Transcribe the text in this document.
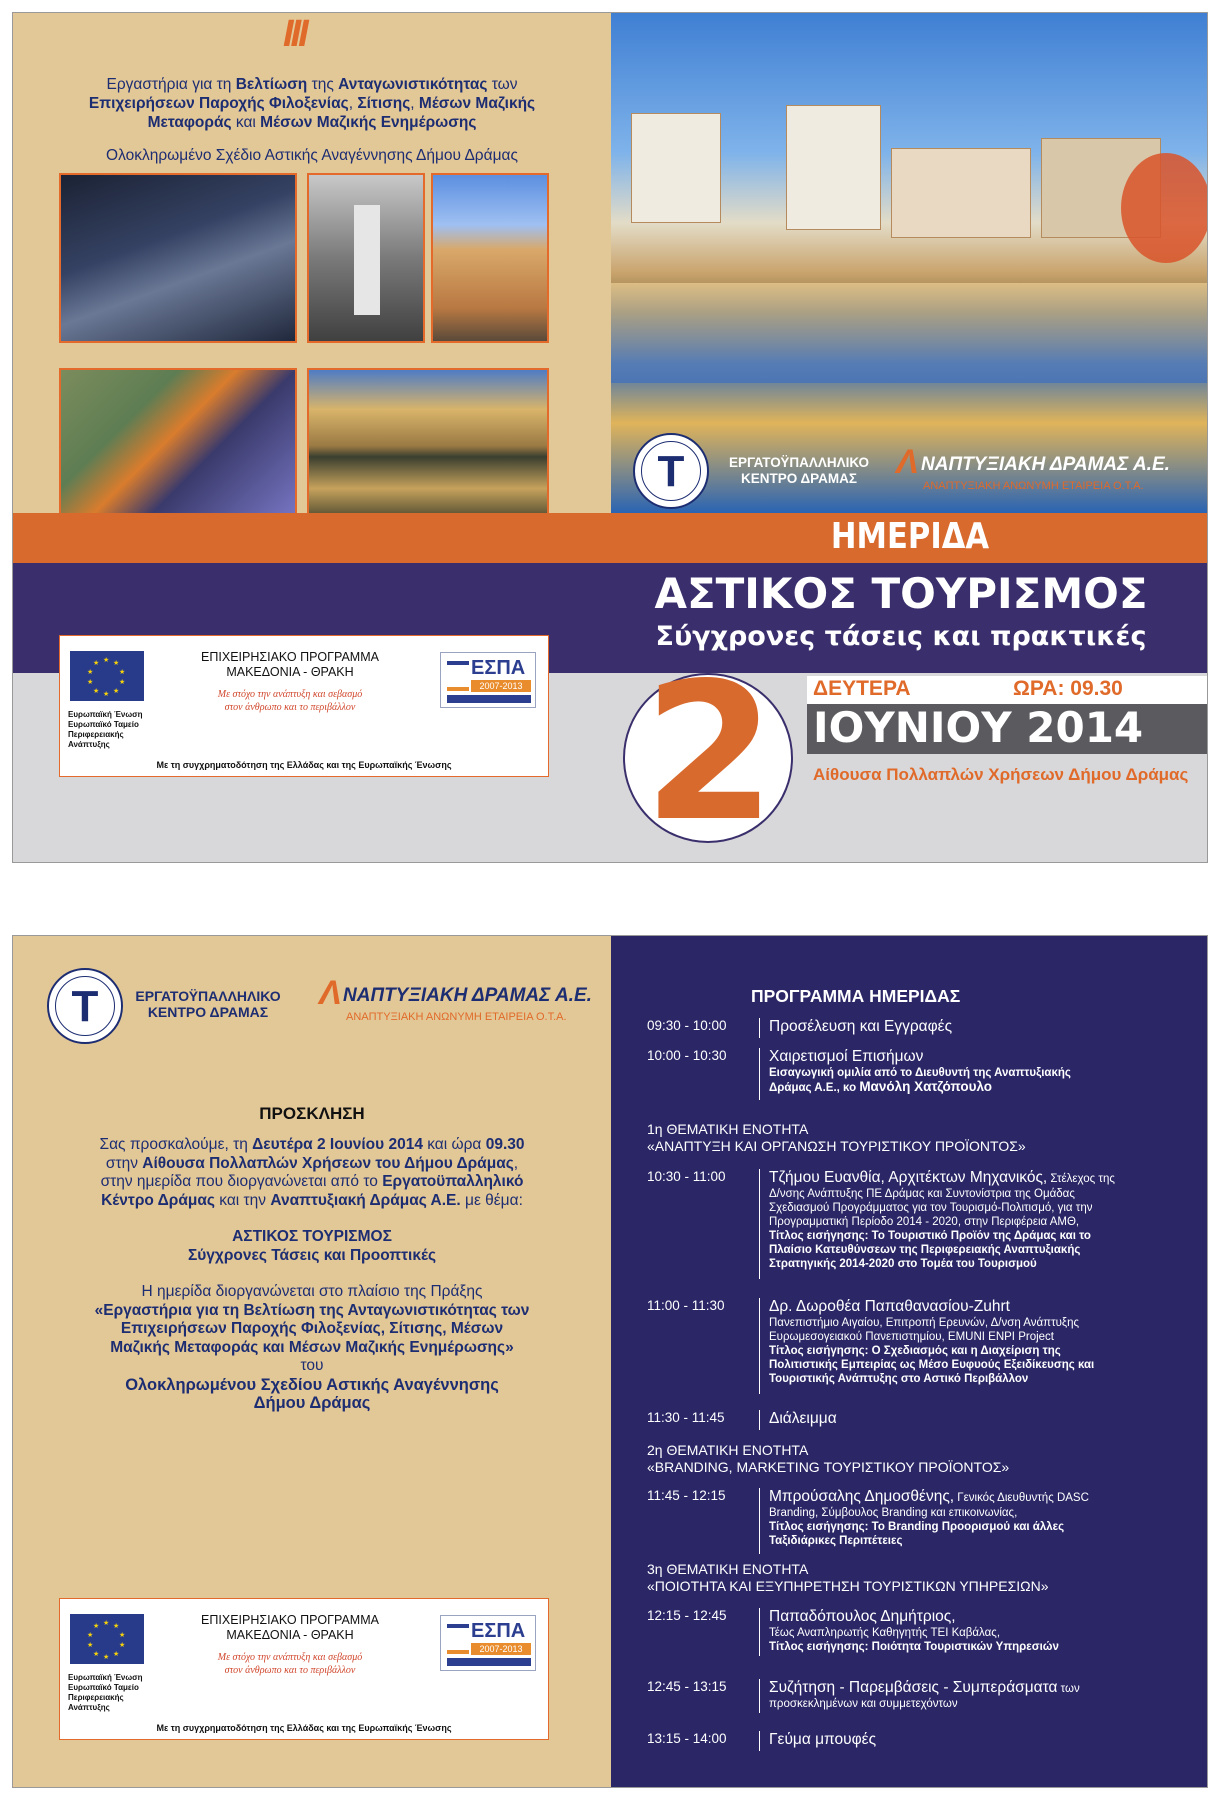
III
Εργαστήρια για τη Βελτίωση της Ανταγωνιστικότητας των
Επιχειρήσεων Παροχής Φιλοξενίας, Σίτισης, Μέσων Μαζικής
Μεταφοράς και Μέσων Μαζικής Ενημέρωσης
Ολοκληρωμένο Σχέδιο Αστικής Αναγέννησης Δήμου Δράμας
T
ΕΡΓΑΤΟΫΠΑΛΛΗΛΙΚΟ
ΚΕΝΤΡΟ ΔΡΑΜΑΣ	Λ ΝΑΠΤΥΞΙΑΚΗ ΔΡΑΜΑΣ Α.Ε.
ΑΝΑΠΤΥΞΙΑΚΗ ΑΝΩΝΥΜΗ ΕΤΑΙΡΕΙΑ Ο.Τ.Α.
ΗΜΕΡΙΔΑ
ΑΣΤΙΚΟΣ ΤΟΥΡΙΣΜΟΣ
Σύγχρονες τάσεις και πρακτικές
ΔΕΥΤΕΡΑ	ΩΡΑ: 09.30
ΙΟΥΝΙΟΥ 2014
Αίθουσα Πολλαπλών Χρήσεων Δήμου Δράμας
2
★ ★
★
★
★
★
★
★
★
★
Ευρωπαϊκή Ένωση Ευρωπαϊκό Ταμείο Περιφερειακής Ανάπτυξης
ΕΠΙΧΕΙΡΗΣΙΑΚΟ ΠΡΟΓΡΑΜΜΑ
ΜΑΚΕΔΟΝΙΑ - ΘΡΑΚΗ
Με στόχο την ανάπτυξη και σεβασμό
στον άνθρωπο και το περιβάλλον
ΕΣΠΑ
2007-2013
Με τη συγχρηματοδότηση της Ελλάδας και της Ευρωπαϊκής Ένωσης
T
ΕΡΓΑΤΟΫΠΑΛΛΗΛΙΚΟ
ΚΕΝΤΡΟ ΔΡΑΜΑΣ	Λ ΝΑΠΤΥΞΙΑΚΗ ΔΡΑΜΑΣ Α.Ε.
ΑΝΑΠΤΥΞΙΑΚΗ ΑΝΩΝΥΜΗ ΕΤΑΙΡΕΙΑ Ο.Τ.Α.
ΠΡΟΣΚΛΗΣΗ
Σας προσκαλούμε, τη Δευτέρα 2 Ιουνίου 2014 και ώρα 09.30
στην Αίθουσα Πολλαπλών Χρήσεων του Δήμου Δράμας,
στην ημερίδα που διοργανώνεται από το Εργατοϋπαλληλικό
Κέντρο Δράμας και την Αναπτυξιακή Δράμας Α.Ε. με θέμα:
ΑΣΤΙΚΟΣ ΤΟΥΡΙΣΜΟΣ
Σύγχρονες Τάσεις και Προοπτικές
Η ημερίδα διοργανώνεται στο πλαίσιο της Πράξης
«Εργαστήρια για τη Βελτίωση της Ανταγωνιστικότητας των
Επιχειρήσεων Παροχής Φιλοξενίας, Σίτισης, Μέσων
Μαζικής Μεταφοράς και Μέσων Μαζικής Ενημέρωσης»
του
Ολοκληρωμένου Σχεδίου Αστικής Αναγέννησης
Δήμου Δράμας
★ ★
★
★
★
★
★
★
★
★
Ευρωπαϊκή Ένωση Ευρωπαϊκό Ταμείο Περιφερειακής Ανάπτυξης
ΕΠΙΧΕΙΡΗΣΙΑΚΟ ΠΡΟΓΡΑΜΜΑ
ΜΑΚΕΔΟΝΙΑ - ΘΡΑΚΗ
Με στόχο την ανάπτυξη και σεβασμό
στον άνθρωπο και το περιβάλλον
ΕΣΠΑ
2007-2013
Με τη συγχρηματοδότηση της Ελλάδας και της Ευρωπαϊκής Ένωσης
ΠΡΟΓΡΑΜΜΑ ΗΜΕΡΙΔΑΣ
09:30 - 10:00	Προσέλευση και Εγγραφές
10:00 - 10:30	Χαιρετισμοί Επισήμων
Εισαγωγική ομιλία από το Διευθυντή της Αναπτυξιακής
Δράμας Α.Ε., κο Μανόλη Χατζόπουλο
1η ΘΕΜΑΤΙΚΗ ΕΝΟΤΗΤΑ
«ΑΝΑΠΤΥΞΗ ΚΑΙ ΟΡΓΑΝΩΣΗ ΤΟΥΡΙΣΤΙΚΟΥ ΠΡΟΪΟΝΤΟΣ»
10:30 - 11:00	Τζήμου Ευανθία, Αρχιτέκτων Μηχανικός, Στέλεχος της
Δ/νσης Ανάπτυξης ΠΕ Δράμας και Συντονίστρια της Ομάδας
Σχεδιασμού Προγράμματος για τον Τουρισμό-Πολιτισμό, για την
Προγραμματική Περίοδο 2014 - 2020, στην Περιφέρεια ΑΜΘ,
Τίτλος εισήγησης: Το Τουριστικό Προϊόν της Δράμας και το
Πλαίσιο Κατευθύνσεων της Περιφερειακής Αναπτυξιακής
Στρατηγικής 2014-2020 στο Τομέα του Τουρισμού
11:00 - 11:30	Δρ. Δωροθέα Παπαθανασίου-Zuhrt
Πανεπιστήμιο Αιγαίου, Επιτροπή Ερευνών, Δ/νση Ανάπτυξης
Ευρωμεσογειακού Πανεπιστημίου, EMUNI ENPI Project
Τίτλος εισήγησης: Ο Σχεδιασμός και η Διαχείριση της
Πολιτιστικής Εμπειρίας ως Μέσο Ευφυούς Εξειδίκευσης και
Τουριστικής Ανάπτυξης στο Αστικό Περιβάλλον
11:30 - 11:45	Διάλειμμα
2η ΘΕΜΑΤΙΚΗ ΕΝΟΤΗΤΑ
«BRANDING, MARKETING ΤΟΥΡΙΣΤΙΚΟΥ ΠΡΟΪΟΝΤΟΣ»
11:45 - 12:15	Μπρούσαλης Δημοσθένης, Γενικός Διευθυντής DASC
Branding, Σύμβουλος Branding και επικοινωνίας,
Τίτλος εισήγησης: Το Branding Προορισμού και άλλες
Ταξιδιάρικες Περιπέτειες
3η ΘΕΜΑΤΙΚΗ ΕΝΟΤΗΤΑ
«ΠΟΙΟΤΗΤΑ ΚΑΙ ΕΞΥΠΗΡΕΤΗΣΗ ΤΟΥΡΙΣΤΙΚΩΝ ΥΠΗΡΕΣΙΩΝ»
12:15 - 12:45	Παπαδόπουλος Δημήτριος,
Τέως Αναπληρωτής Καθηγητής ΤΕΙ Καβάλας,
Τίτλος εισήγησης: Ποιότητα Τουριστικών Υπηρεσιών
12:45 - 13:15	Συζήτηση - Παρεμβάσεις - Συμπεράσματα των
προσκεκλημένων και συμμετεχόντων
13:15 - 14:00	Γεύμα μπουφές
